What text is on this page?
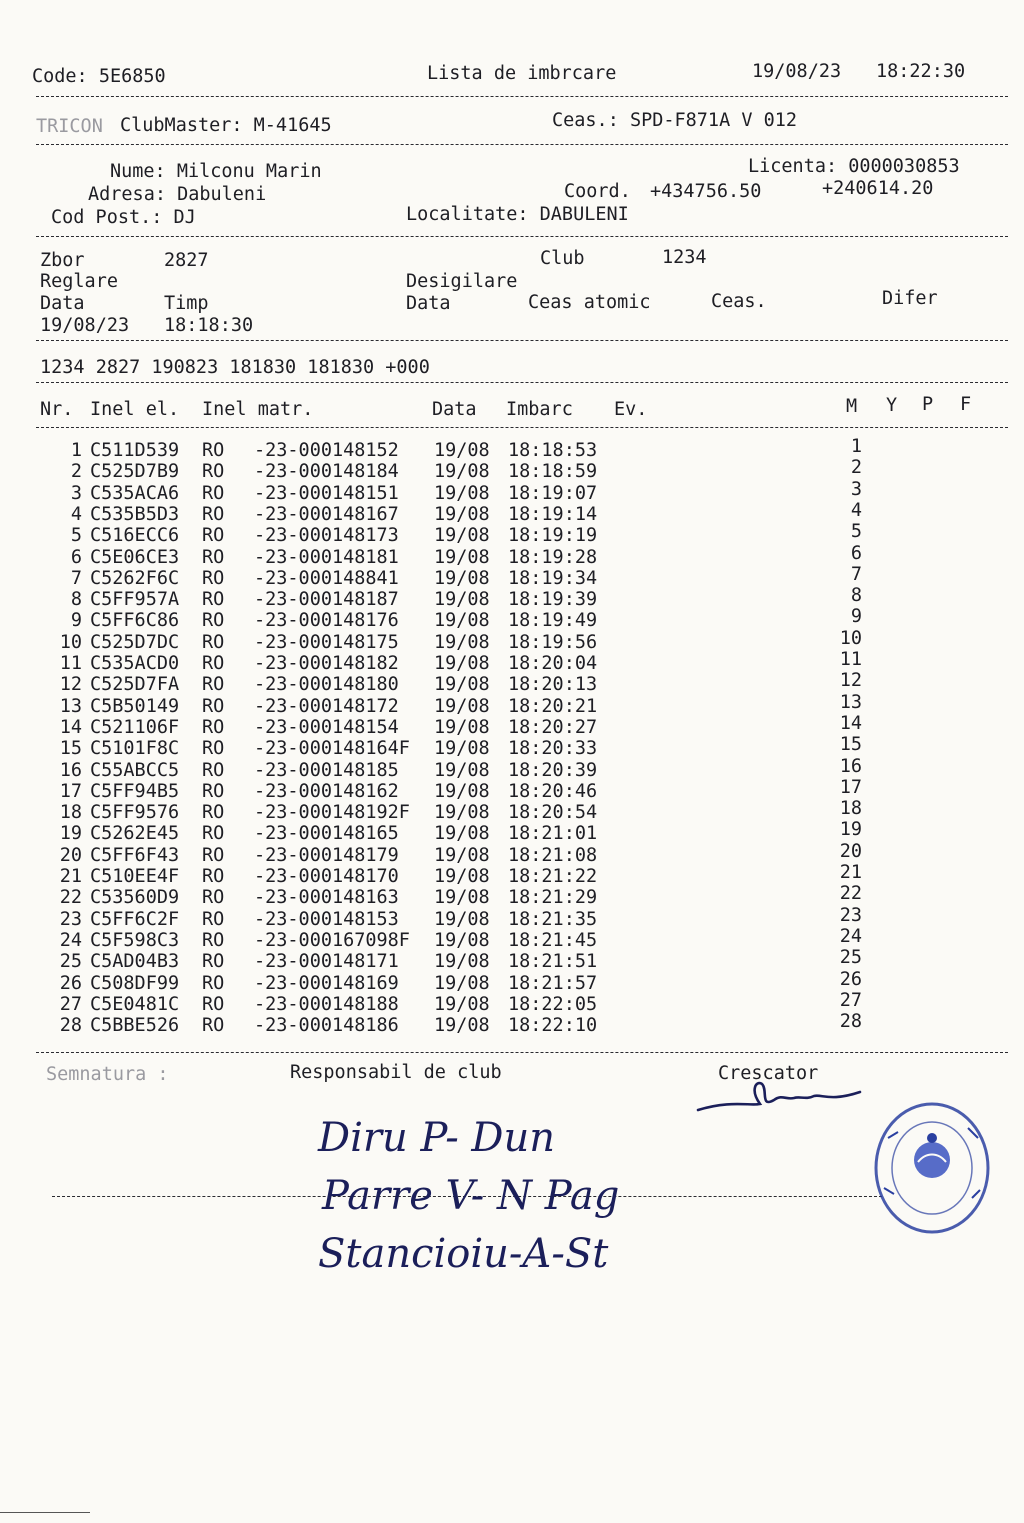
Code: 5E6850	Lista de imbrcare	19/08/23 18:22:30
TRICON ClubMaster: M-41645	Ceas.: SPD-F871A V 012
Nume: Milconu Marin	Licenta: 0000030853
Adresa: Dabuleni	Coord. +434756.50	+240614.20
Cod Post.: DJ	Localitate: DABULENI
Zbor	2827	Club	1234
Reglare	Desigilare
Data	Timp	Data	Ceas atomic	Ceas.	Difer
19/08/23 18:18:30
1234 2827 190823 181830 181830 +000
Nr. Inel el. Inel matr.	Data Imbarc Ev.	M Y P F
1 C511D539 RO -23-000148152 19/08 18:18:53	1
2 C525D7B9 RO -23-000148184 19/08 18:18:59	2
3 C535ACA6 RO -23-000148151 19/08 18:19:07	3
4 C535B5D3 RO -23-000148167 19/08 18:19:14	4
5 C516ECC6 RO -23-000148173 19/08 18:19:19	5
6 C5E06CE3 RO -23-000148181 19/08 18:19:28	6
7 C5262F6C RO -23-000148841 19/08 18:19:34	7
8 C5FF957A RO -23-000148187 19/08 18:19:39	8
9 C5FF6C86 RO -23-000148176 19/08 18:19:49	9
10 C525D7DC RO -23-000148175 19/08 18:19:56	10
11 C535ACD0 RO -23-000148182 19/08 18:20:04	11
12 C525D7FA RO -23-000148180 19/08 18:20:13	12
13 C5B50149 RO -23-000148172 19/08 18:20:21	13
14 C521106F RO -23-000148154 19/08 18:20:27	14
15 C5101F8C RO -23-000148164F 19/08 18:20:33	15
16 C55ABCC5 RO -23-000148185 19/08 18:20:39	16
17 C5FF94B5 RO -23-000148162 19/08 18:20:46	17
18 C5FF9576 RO -23-000148192F 19/08 18:20:54	18
19 C5262E45 RO -23-000148165 19/08 18:21:01	19
20 C5FF6F43 RO -23-000148179 19/08 18:21:08	20
21 C510EE4F RO -23-000148170 19/08 18:21:22	21
22 C53560D9 RO -23-000148163 19/08 18:21:29	22
23 C5FF6C2F RO -23-000148153 19/08 18:21:35	23
24 C5F598C3 RO -23-000167098F 19/08 18:21:45	24
25 C5AD04B3 RO -23-000148171 19/08 18:21:51	25
26 C508DF99 RO -23-000148169 19/08 18:21:57	26
27 C5E0481C RO -23-000148188 19/08 18:22:05	27
28 C5BBE526 RO -23-000148186 19/08 18:22:10	28
Semnatura :	Responsabil de club	Crescator
Diru P- Dun
Parre V- N Pag
Stancioiu-A-St
